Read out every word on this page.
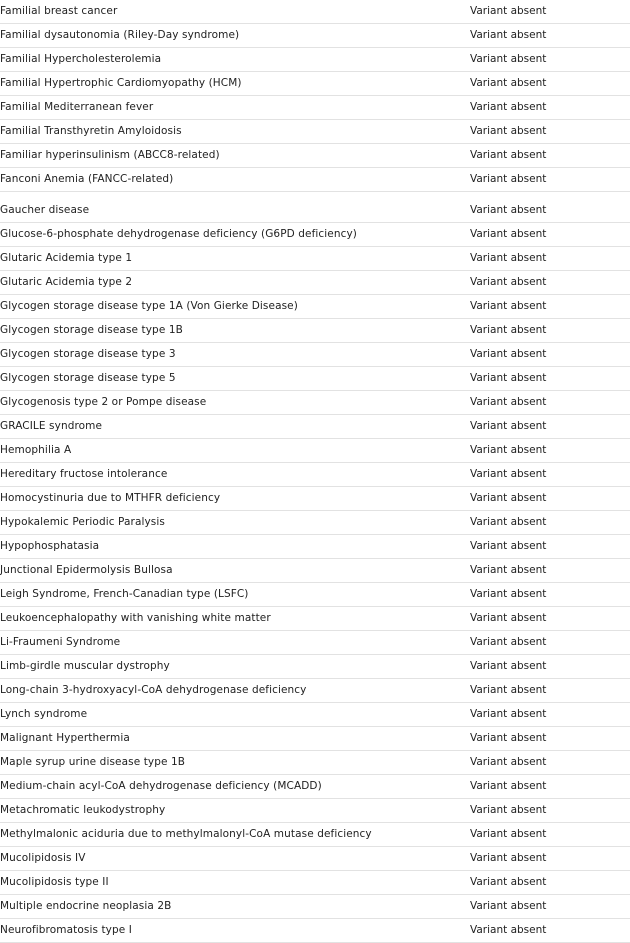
Familial breast cancer	Variant absent

Familial dysautonomia (Riley-Day syndrome)	Variant absent

Familial Hypercholesterolemia	Variant absent

Familial Hypertrophic Cardiomyopathy (HCM)	Variant absent

Familial Mediterranean fever	Variant absent

Familial Transthyretin Amyloidosis	Variant absent

Familiar hyperinsulinism (ABCC8-related)	Variant absent

Fanconi Anemia (FANCC-related)	Variant absent

Gaucher disease	Variant absent

Glucose-6-phosphate dehydrogenase deficiency (G6PD deficiency)	Variant absent

Glutaric Acidemia type 1	Variant absent

Glutaric Acidemia type 2	Variant absent

Glycogen storage disease type 1A (Von Gierke Disease)	Variant absent

Glycogen storage disease type 1B	Variant absent

Glycogen storage disease type 3	Variant absent

Glycogen storage disease type 5	Variant absent

Glycogenosis type 2 or Pompe disease	Variant absent

GRACILE syndrome	Variant absent

Hemophilia A	Variant absent

Hereditary fructose intolerance	Variant absent

Homocystinuria due to MTHFR deficiency	Variant absent

Hypokalemic Periodic Paralysis	Variant absent

Hypophosphatasia	Variant absent

Junctional Epidermolysis Bullosa	Variant absent

Leigh Syndrome, French-Canadian type (LSFC)	Variant absent

Leukoencephalopathy with vanishing white matter	Variant absent

Li-Fraumeni Syndrome	Variant absent

Limb-girdle muscular dystrophy	Variant absent

Long-chain 3-hydroxyacyl-CoA dehydrogenase deficiency	Variant absent

Lynch syndrome	Variant absent

Malignant Hyperthermia	Variant absent

Maple syrup urine disease type 1B	Variant absent

Medium-chain acyl-CoA dehydrogenase deficiency (MCADD)	Variant absent

Metachromatic leukodystrophy	Variant absent

Methylmalonic aciduria due to methylmalonyl-CoA mutase deficiency	Variant absent

Mucolipidosis IV	Variant absent

Mucolipidosis type II	Variant absent

Multiple endocrine neoplasia 2B	Variant absent

Neurofibromatosis type I	Variant absent
